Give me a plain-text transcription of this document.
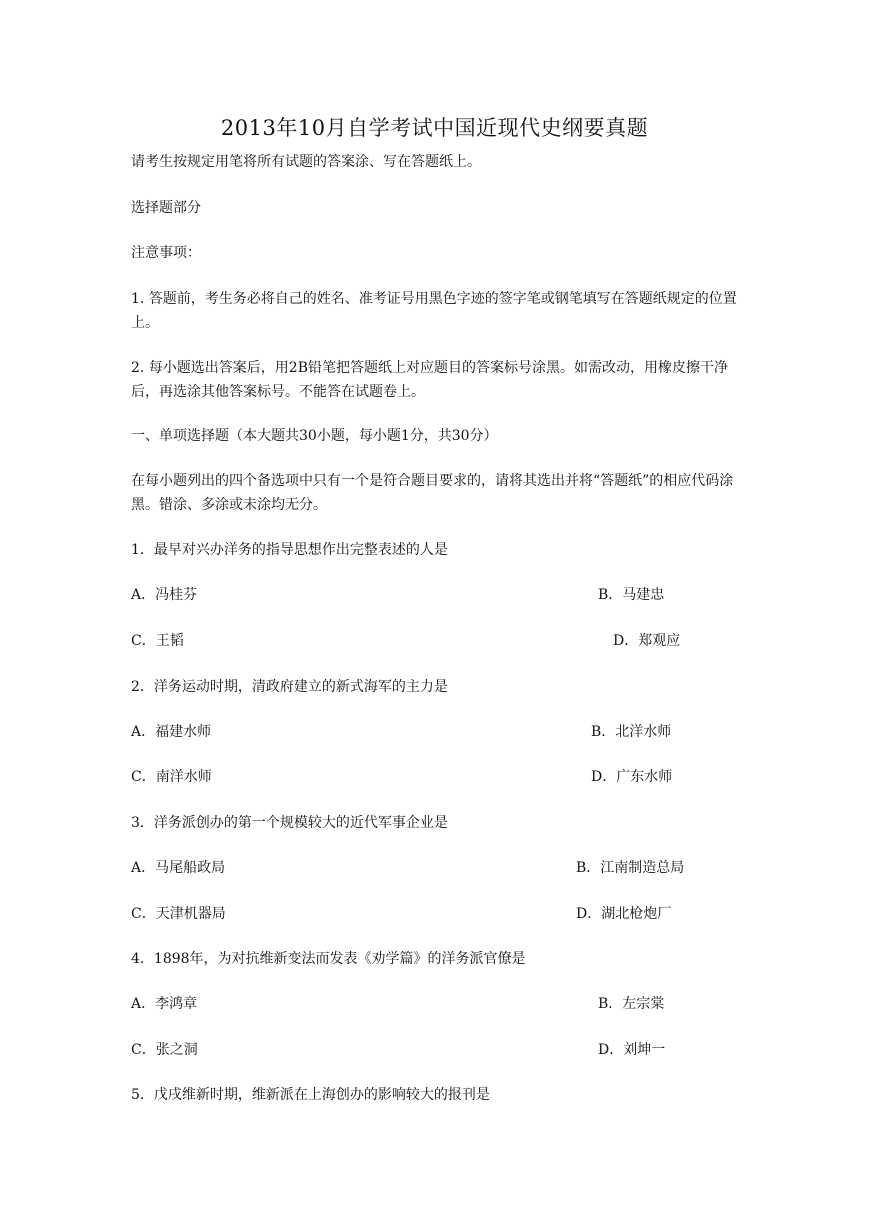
2013年10月自学考试中国近现代史纲要真题

请考生按规定用笔将所有试题的答案涂、写在答题纸上。

选择题部分

注意事项：

1. 答题前，考生务必将自己的姓名、准考证号用黑色字迹的签字笔或钢笔填写在答题纸规定的位置上。

2. 每小题选出答案后，用2B铅笔把答题纸上对应题目的答案标号涂黑。如需改动，用橡皮擦干净后，再选涂其他答案标号。不能答在试题卷上。

一、单项选择题（本大题共30小题，每小题1分，共30分）

在每小题列出的四个备选项中只有一个是符合题目要求的，请将其选出并将“答题纸”的相应代码涂黑。错涂、多涂或未涂均无分。

1．最早对兴办洋务的指导思想作出完整表述的人是
A．冯桂芬	B．马建忠
C．王韬	D．郑观应
2．洋务运动时期，清政府建立的新式海军的主力是
A．福建水师	B．北洋水师
C．南洋水师	D．广东水师
3．洋务派创办的第一个规模较大的近代军事企业是
A．马尾船政局	B．江南制造总局
C．天津机器局	D．湖北枪炮厂
4．1898年，为对抗维新变法而发表《劝学篇》的洋务派官僚是
A．李鸿章	B．左宗棠
C．张之洞	D．刘坤一
5．戊戌维新时期，维新派在上海创办的影响较大的报刊是
